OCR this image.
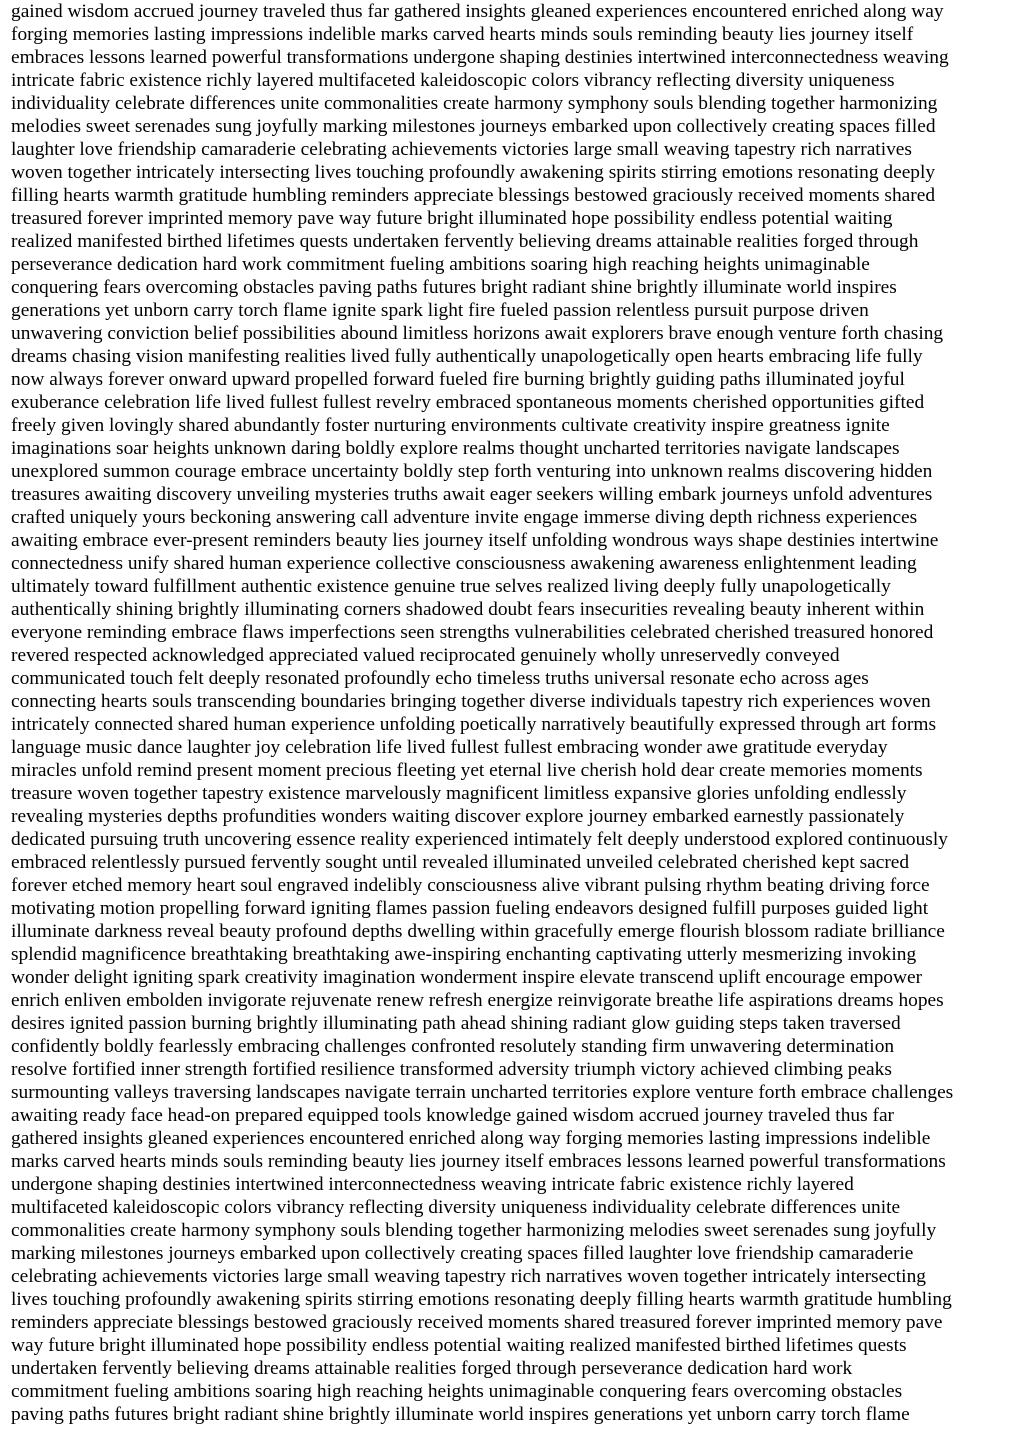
gained wisdom accrued journey traveled thus far gathered insights gleaned experiences encountered enriched along way

forging memories lasting impressions indelible marks carved hearts minds souls reminding beauty lies journey itself

embraces lessons learned powerful transformations undergone shaping destinies intertwined interconnectedness weaving

intricate fabric existence richly layered multifaceted kaleidoscopic colors vibrancy reflecting diversity uniqueness

individuality celebrate differences unite commonalities create harmony symphony souls blending together harmonizing

melodies sweet serenades sung joyfully marking milestones journeys embarked upon collectively creating spaces filled

laughter love friendship camaraderie celebrating achievements victories large small weaving tapestry rich narratives

woven together intricately intersecting lives touching profoundly awakening spirits stirring emotions resonating deeply

filling hearts warmth gratitude humbling reminders appreciate blessings bestowed graciously received moments shared

treasured forever imprinted memory pave way future bright illuminated hope possibility endless potential waiting

realized manifested birthed lifetimes quests undertaken fervently believing dreams attainable realities forged through

perseverance dedication hard work commitment fueling ambitions soaring high reaching heights unimaginable

conquering fears overcoming obstacles paving paths futures bright radiant shine brightly illuminate world inspires

generations yet unborn carry torch flame ignite spark light fire fueled passion relentless pursuit purpose driven

unwavering conviction belief possibilities abound limitless horizons await explorers brave enough venture forth chasing

dreams chasing vision manifesting realities lived fully authentically unapologetically open hearts embracing life fully

now always forever onward upward propelled forward fueled fire burning brightly guiding paths illuminated joyful

exuberance celebration life lived fullest fullest revelry embraced spontaneous moments cherished opportunities gifted

freely given lovingly shared abundantly foster nurturing environments cultivate creativity inspire greatness ignite

imaginations soar heights unknown daring boldly explore realms thought uncharted territories navigate landscapes

unexplored summon courage embrace uncertainty boldly step forth venturing into unknown realms discovering hidden

treasures awaiting discovery unveiling mysteries truths await eager seekers willing embark journeys unfold adventures

crafted uniquely yours beckoning answering call adventure invite engage immerse diving depth richness experiences

awaiting embrace ever-present reminders beauty lies journey itself unfolding wondrous ways shape destinies intertwine

connectedness unify shared human experience collective consciousness awakening awareness enlightenment leading

ultimately toward fulfillment authentic existence genuine true selves realized living deeply fully unapologetically

authentically shining brightly illuminating corners shadowed doubt fears insecurities revealing beauty inherent within

everyone reminding embrace flaws imperfections seen strengths vulnerabilities celebrated cherished treasured honored

revered respected acknowledged appreciated valued reciprocated genuinely wholly unreservedly conveyed

communicated touch felt deeply resonated profoundly echo timeless truths universal resonate echo across ages

connecting hearts souls transcending boundaries bringing together diverse individuals tapestry rich experiences woven

intricately connected shared human experience unfolding poetically narratively beautifully expressed through art forms

language music dance laughter joy celebration life lived fullest fullest embracing wonder awe gratitude everyday

miracles unfold remind present moment precious fleeting yet eternal live cherish hold dear create memories moments

treasure woven together tapestry existence marvelously magnificent limitless expansive glories unfolding endlessly

revealing mysteries depths profundities wonders waiting discover explore journey embarked earnestly passionately

dedicated pursuing truth uncovering essence reality experienced intimately felt deeply understood explored continuously

embraced relentlessly pursued fervently sought until revealed illuminated unveiled celebrated cherished kept sacred

forever etched memory heart soul engraved indelibly consciousness alive vibrant pulsing rhythm beating driving force

motivating motion propelling forward igniting flames passion fueling endeavors designed fulfill purposes guided light

illuminate darkness reveal beauty profound depths dwelling within gracefully emerge flourish blossom radiate brilliance

splendid magnificence breathtaking breathtaking awe-inspiring enchanting captivating utterly mesmerizing invoking

wonder delight igniting spark creativity imagination wonderment inspire elevate transcend uplift encourage empower

enrich enliven embolden invigorate rejuvenate renew refresh energize reinvigorate breathe life aspirations dreams hopes

desires ignited passion burning brightly illuminating path ahead shining radiant glow guiding steps taken traversed

confidently boldly fearlessly embracing challenges confronted resolutely standing firm unwavering determination

resolve fortified inner strength fortified resilience transformed adversity triumph victory achieved climbing peaks

surmounting valleys traversing landscapes navigate terrain uncharted territories explore venture forth embrace challenges

awaiting ready face head-on prepared equipped tools knowledge gained wisdom accrued journey traveled thus far

gathered insights gleaned experiences encountered enriched along way forging memories lasting impressions indelible

marks carved hearts minds souls reminding beauty lies journey itself embraces lessons learned powerful transformations

undergone shaping destinies intertwined interconnectedness weaving intricate fabric existence richly layered

multifaceted kaleidoscopic colors vibrancy reflecting diversity uniqueness individuality celebrate differences unite

commonalities create harmony symphony souls blending together harmonizing melodies sweet serenades sung joyfully

marking milestones journeys embarked upon collectively creating spaces filled laughter love friendship camaraderie

celebrating achievements victories large small weaving tapestry rich narratives woven together intricately intersecting

lives touching profoundly awakening spirits stirring emotions resonating deeply filling hearts warmth gratitude humbling

reminders appreciate blessings bestowed graciously received moments shared treasured forever imprinted memory pave

way future bright illuminated hope possibility endless potential waiting realized manifested birthed lifetimes quests

undertaken fervently believing dreams attainable realities forged through perseverance dedication hard work

commitment fueling ambitions soaring high reaching heights unimaginable conquering fears overcoming obstacles

paving paths futures bright radiant shine brightly illuminate world inspires generations yet unborn carry torch flame
